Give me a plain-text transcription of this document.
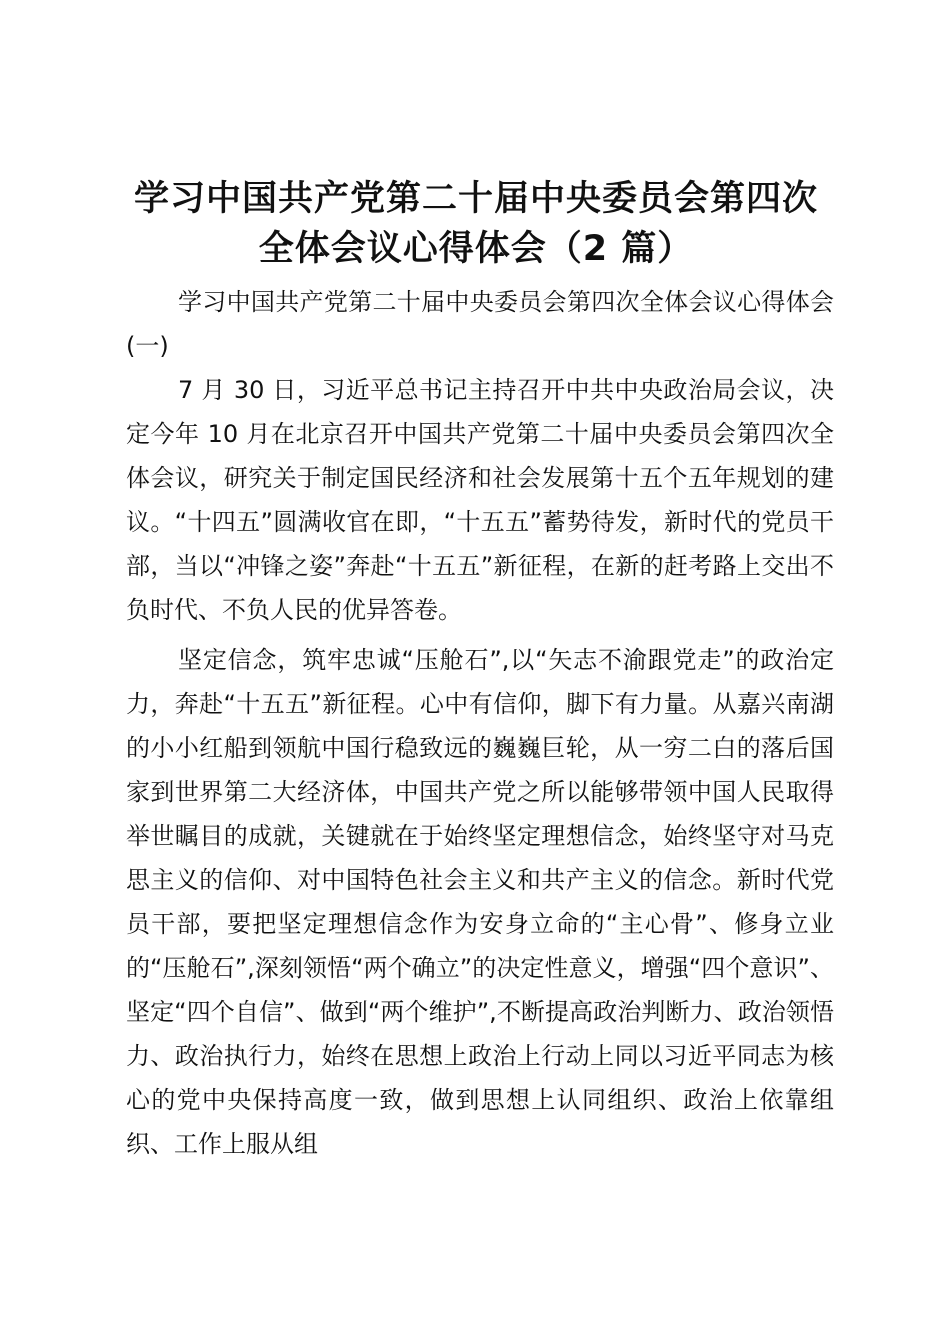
学习中国共产党第二十届中央委员会第四次全体会议心得体会（2 篇）

学习中国共产党第二十届中央委员会第四次全体会议心得体会(一)

7 月 30 日，习近平总书记主持召开中共中央政治局会议，决定今年 10 月在北京召开中国共产党第二十届中央委员会第四次全体会议，研究关于制定国民经济和社会发展第十五个五年规划的建议。“十四五”圆满收官在即，“十五五”蓄势待发，新时代的党员干部，当以“冲锋之姿”奔赴“十五五”新征程，在新的赶考路上交出不负时代、不负人民的优异答卷。

坚定信念，筑牢忠诚“压舱石”,以“矢志不渝跟党走”的政治定力，奔赴“十五五”新征程。心中有信仰，脚下有力量。从嘉兴南湖的小小红船到领航中国行稳致远的巍巍巨轮，从一穷二白的落后国家到世界第二大经济体，中国共产党之所以能够带领中国人民取得举世瞩目的成就，关键就在于始终坚定理想信念，始终坚守对马克思主义的信仰、对中国特色社会主义和共产主义的信念。新时代党员干部，要把坚定理想信念作为安身立命的“主心骨”、修身立业的“压舱石”,深刻领悟“两个确立”的决定性意义，增强“四个意识”、坚定“四个自信”、做到“两个维护”,不断提高政治判断力、政治领悟力、政治执行力，始终在思想上政治上行动上同以习近平同志为核心的党中央保持高度一致，做到思想上认同组织、政治上依靠组织、工作上服从组
